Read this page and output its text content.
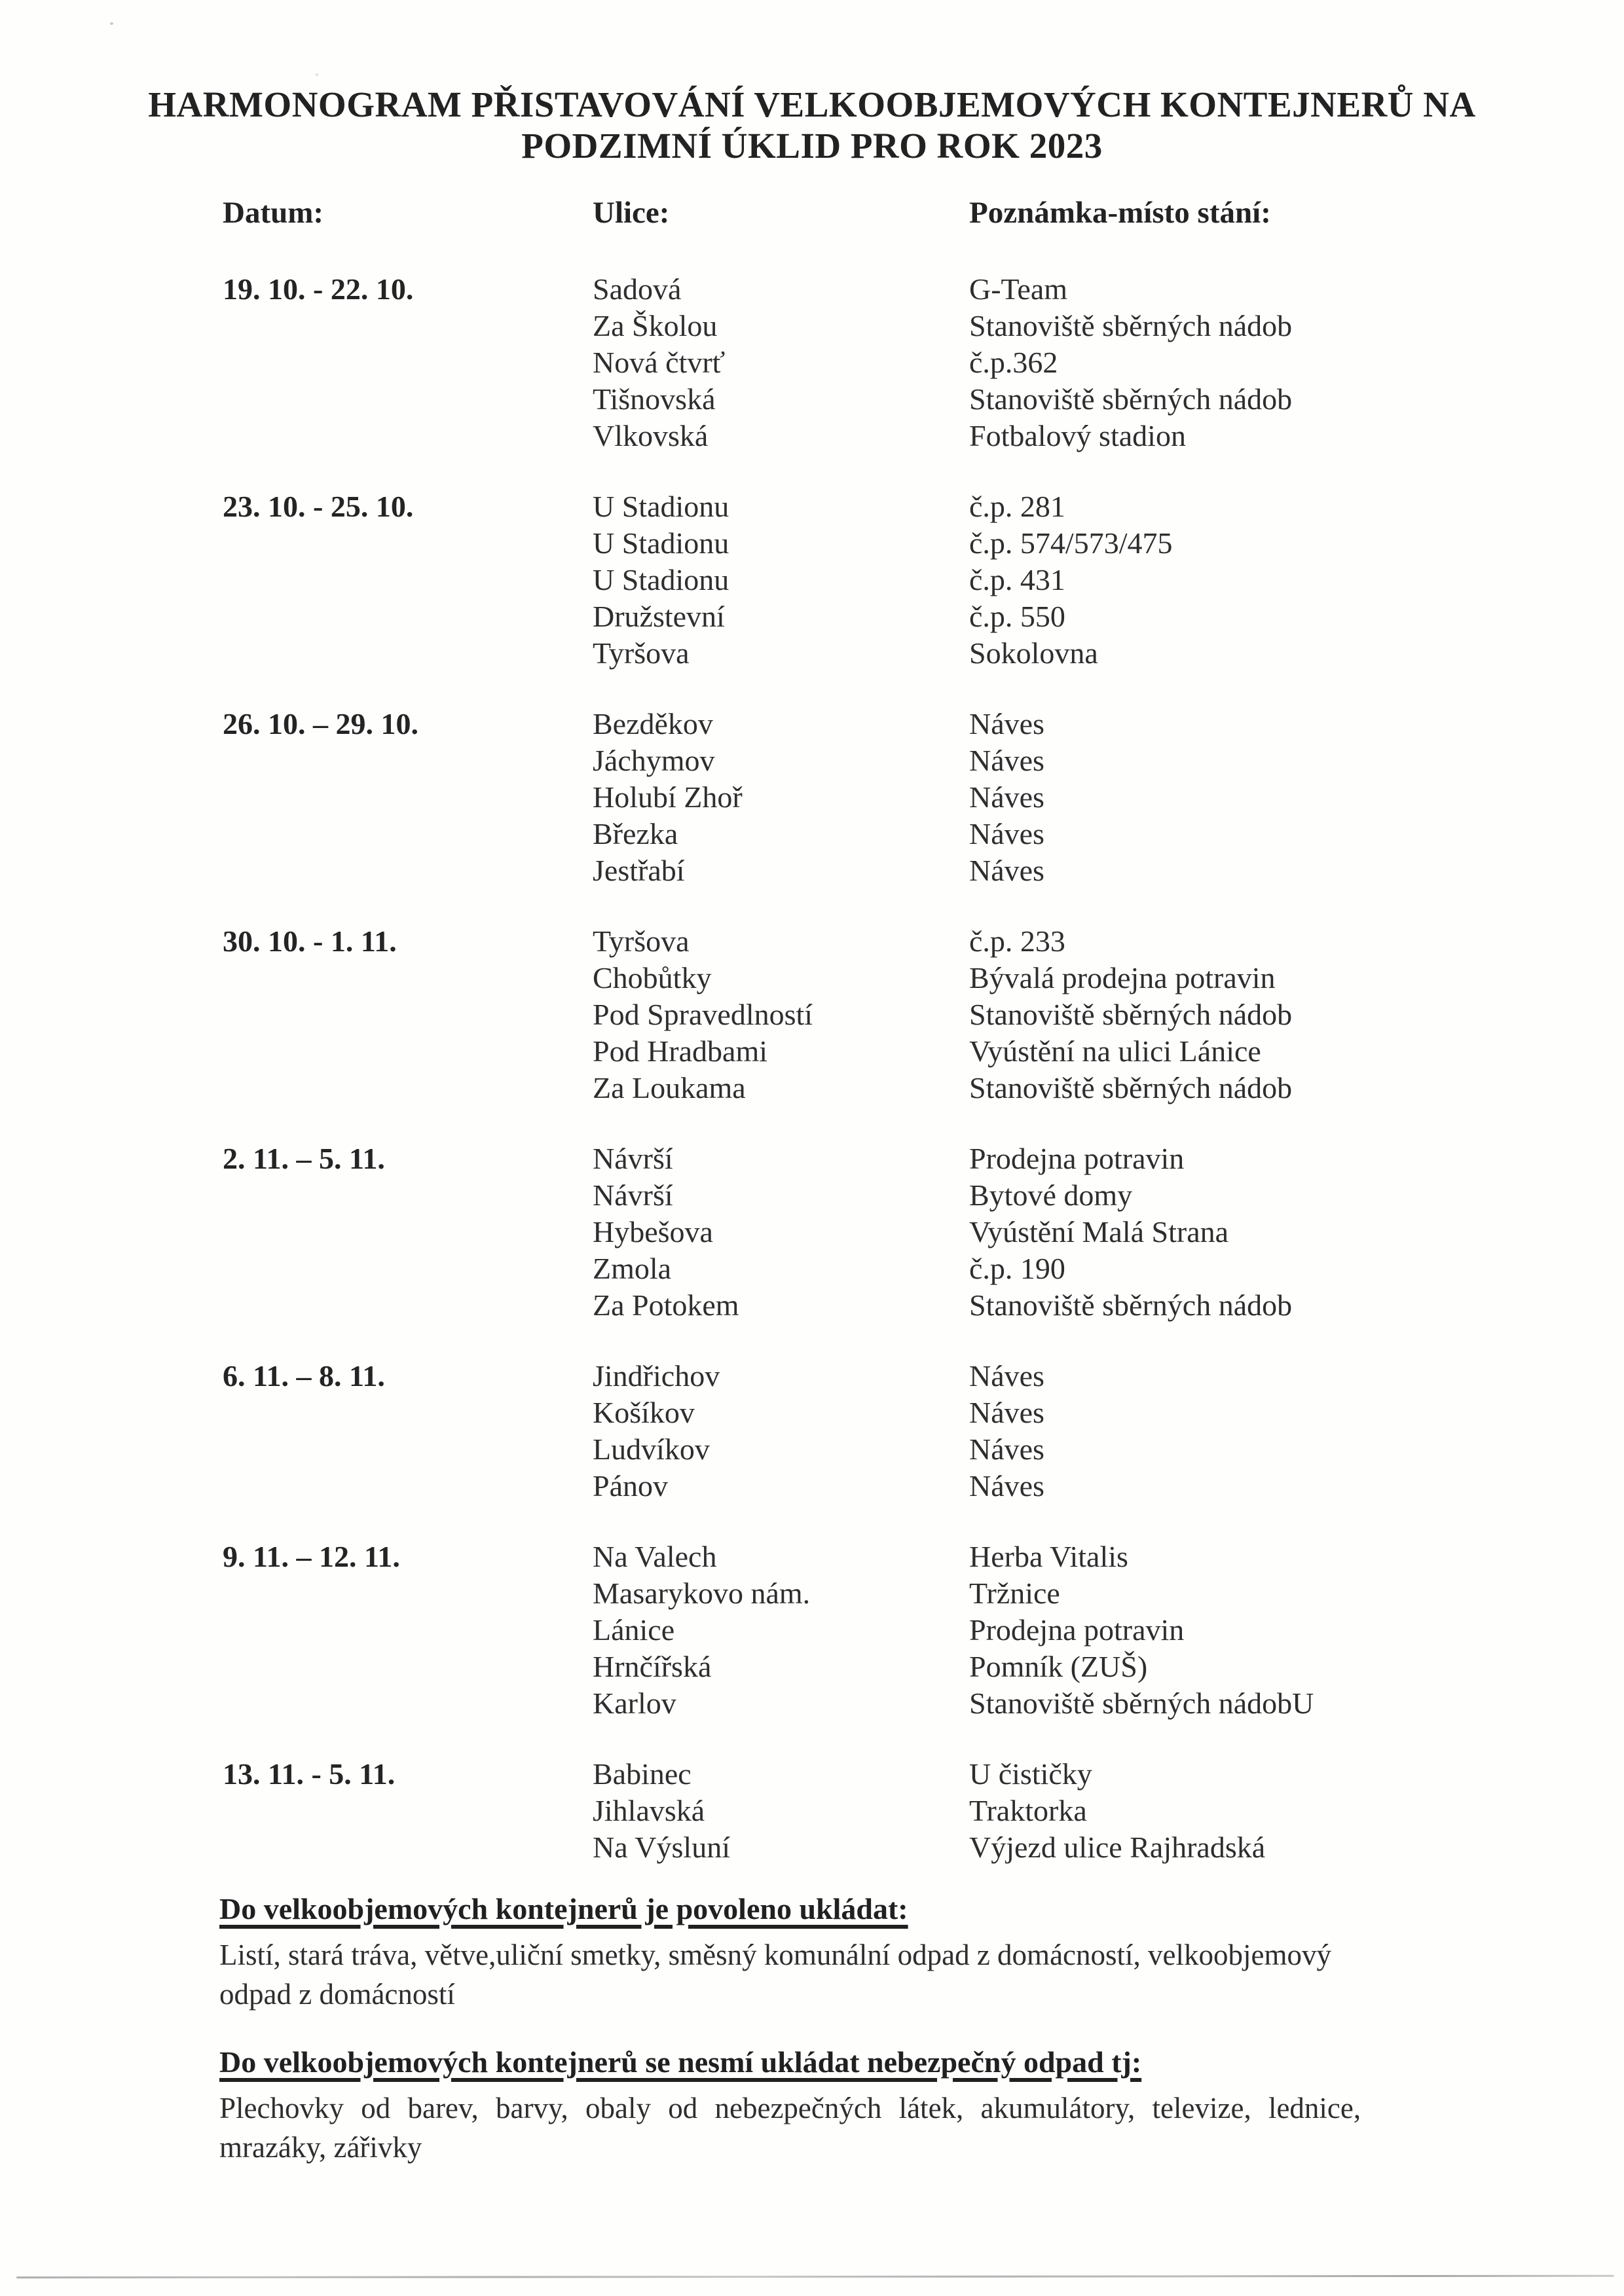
HARMONOGRAM PŘISTAVOVÁNÍ VELKOOBJEMOVÝCH KONTEJNERŮ NA
PODZIMNÍ ÚKLID PRO ROK 2023
Datum:	Ulice:	Poznámka-místo stání:
19. 10. - 22. 10.	Sadová	G-Team
Za Školou	Stanoviště sběrných nádob
Nová čtvrť	č.p.362
Tišnovská	Stanoviště sběrných nádob
Vlkovská	Fotbalový stadion
23. 10. - 25. 10.	U Stadionu	č.p. 281
U Stadionu	č.p. 574/573/475
U Stadionu	č.p. 431
Družstevní	č.p. 550
Tyršova	Sokolovna
26. 10. – 29. 10.	Bezděkov	Náves
Jáchymov	Náves
Holubí Zhoř	Náves
Březka	Náves
Jestřabí	Náves
30. 10. - 1. 11.	Tyršova	č.p. 233
Chobůtky	Bývalá prodejna potravin
Pod Spravedlností	Stanoviště sběrných nádob
Pod Hradbami	Vyústění na ulici Lánice
Za Loukama	Stanoviště sběrných nádob
2. 11. – 5. 11.	Návrší	Prodejna potravin
Návrší	Bytové domy
Hybešova	Vyústění Malá Strana
Zmola	č.p. 190
Za Potokem	Stanoviště sběrných nádob
6. 11. – 8. 11.	Jindřichov	Náves
Košíkov	Náves
Ludvíkov	Náves
Pánov	Náves
9. 11. – 12. 11.	Na Valech	Herba Vitalis
Masarykovo nám.	Tržnice
Lánice	Prodejna potravin
Hrnčířská	Pomník (ZUŠ)
Karlov	Stanoviště sběrných nádobU
13. 11. - 5. 11.	Babinec	U čističky
Jihlavská	Traktorka
Na Výsluní	Výjezd ulice Rajhradská
Do velkoobjemových kontejnerů je povoleno ukládat:
Listí, stará tráva, větve,uliční smetky, směsný komunální odpad z domácností, velkoobjemový
odpad z domácností
Do velkoobjemových kontejnerů se nesmí ukládat nebezpečný odpad tj:
Plechovky od barev, barvy, obaly od nebezpečných látek, akumulátory, televize, lednice,
mrazáky, zářivky
